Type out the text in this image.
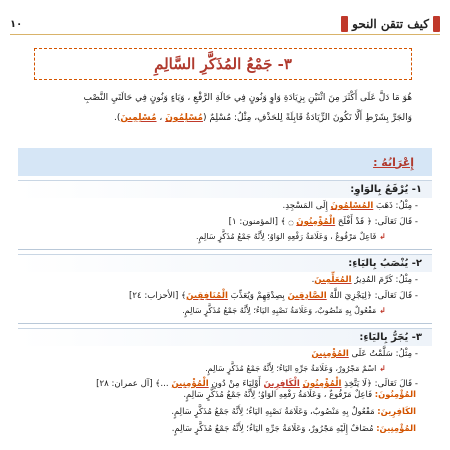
١٠	كيف تتقن النحو
٣- جَمْعُ المُذَكَّرِ السَّالِمِ

هُوَ مَا دَلَّ عَلَى أَكْثَرَ مِنَ اثْنَيْنِ بِزِيَادَةِ وَاوٍ وَنُونٍ فِي حَالَةِ الرَّفْعِ ، وَيَاءٍ وَنُونٍ فِي حَالَتَيِ النَّصْبِ

وَالجَرِّ بِشَرْطِ أَلَّا تَكُونَ الزِّيَادَةُ قَابِلَةً لِلحَذْفِ، مِثْلُ: مُسْلِمٌ (مُسْلِمُونَ ، مُسْلِمِينَ).

إِعْرَابُهُ :
١- يُرْفَعُ بِالوَاوِ:
- مِثْلُ: ذَهَبَ المُسْلِمُونَ إِلَى المَسْجِدِ.
- قَالَ تَعَالَى: ﴿ قَدْ أَفْلَحَ الْمُؤْمِنُونَ ۝ ﴾ [المؤمنون: ١]
↲فَاعِلٌ مَرْفُوعٌ ، وَعَلَامَةُ رَفْعِهِ الوَاوُ؛ لِأَنَّهُ جَمْعُ مُذَكَّرٍ سَالِمٍ.
٢- يُنْصَبُ بِاليَاءِ:
- مِثْلُ: كَرَّمَ المُدِيرُ المُعَلِّمِينَ.
- قَالَ تَعَالَى: ﴿لِيَجْزِيَ اللَّهُ الصَّادِقِينَ بِصِدْقِهِمْ وَيُعَذِّبَ الْمُنَافِقِينَ﴾ [الأحزاب: ٢٤]
↲مَفْعُولٌ بِهِ مَنْصُوبٌ، وَعَلَامَةُ نَصْبِهِ اليَاءُ؛ لِأَنَّهُ جَمْعُ مُذَكَّرٍ سَالِمٍ.
٣- يُجَرُّ بِاليَاءِ:
- مِثْلُ: سَلَّمْتُ عَلَى المُؤْمِنِينَ
↲اسْمٌ مَجْرُورٌ، وَعَلَامَةُ جَرِّهِ اليَاءُ؛ لِأَنَّهُ جَمْعُ مُذَكَّرٍ سَالِمٍ.
- قَالَ تَعَالَى: ﴿لَا يَتَّخِذِ الْمُؤْمِنُونَ الْكَافِرِينَ أَوْلِيَاءَ مِنْ دُونِ الْمُؤْمِنِينَ ...﴾ [آل عمران: ٢٨]
المُؤْمِنُونَ: فَاعِلٌ مَرْفُوعٌ ، وَعَلَامَةُ رَفْعِهِ الوَاوُ؛ لِأَنَّهُ جَمْعُ مُذَكَّرٍ سَالِمٍ.
الكَافِرِينَ: مَفْعُولٌ بِهِ مَنْصُوبٌ، وَعَلَامَةُ نَصْبِهِ اليَاءُ؛ لِأَنَّهُ جَمْعُ مُذَكَّرٍ سَالِمٍ.
المُؤْمِنِينَ: مُضَافٌ إِلَيْهِ مَجْرُورٌ، وَعَلَامَةُ جَرِّهِ اليَاءُ؛ لِأَنَّهُ جَمْعُ مُذَكَّرٍ سَالِمٍ.
